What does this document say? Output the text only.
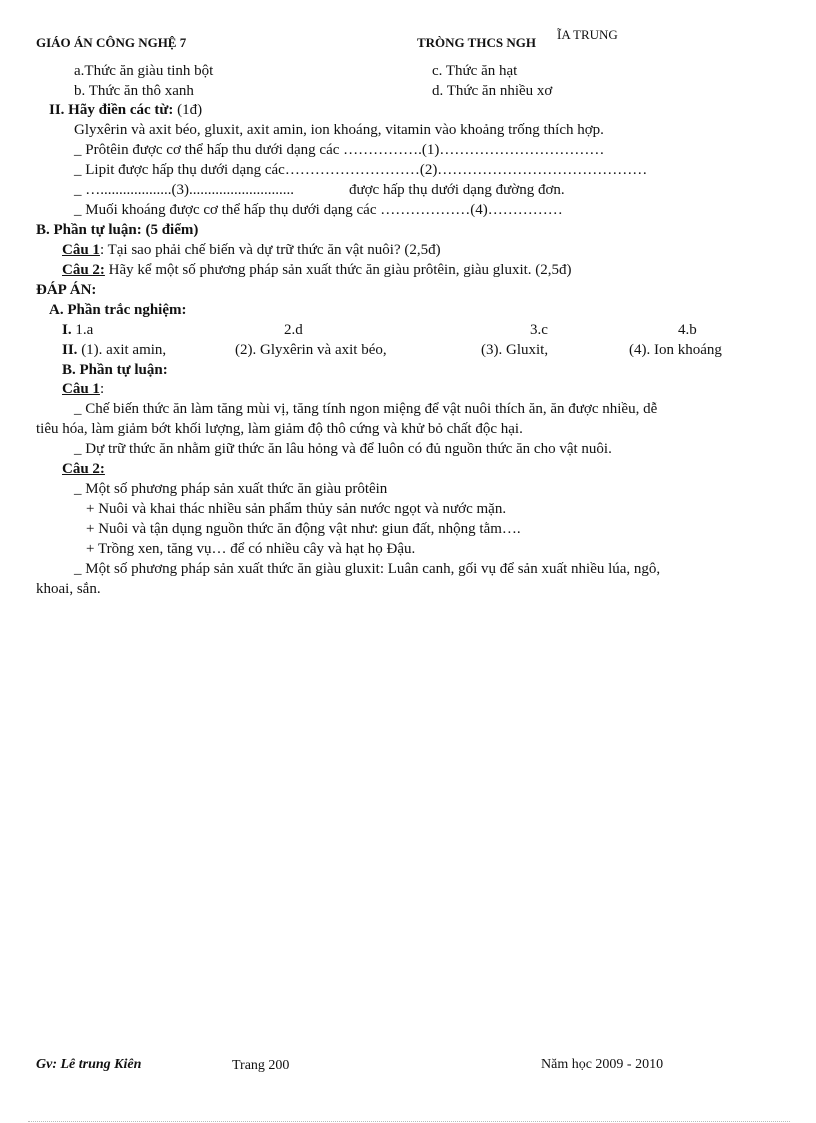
GIÁO ÁN CÔNG NGHỆ 7	TRÒNG THCS NGH
ĨA TRUNG
a.Thức ăn giàu tinh bột	c. Thức ăn hạt
b. Thức ăn thô xanh	d. Thức ăn nhiều xơ
II. Hãy điền các từ: (1đ)
Glyxêrin và axit béo, gluxit, axit amin, ion khoáng, vitamin vào khoảng trống thích hợp.
_ Prôtêin được cơ thể hấp thu dưới dạng các …………….(1)……………………………
_ Lipit được hấp thụ dưới dạng các………………………(2)……………………………………
_ …...................(3)............................	được hấp thụ dưới dạng đường đơn.
_ Muối khoáng được cơ thể hấp thụ dưới dạng các ………………(4)……………
B. Phần tự luận: (5 điểm)
Câu 1: Tại sao phải chế biến và dự trữ thức ăn vật nuôi? (2,5đ)
Câu 2: Hãy kể một số phương pháp sản xuất thức ăn giàu prôtêin, giàu gluxit. (2,5đ)
ĐÁP ÁN:
A. Phần trắc nghiệm:
I. 1.a	2.d	3.c	4.b
II. (1). axit amin,	(2). Glyxêrin và axit béo,	(3). Gluxit,	(4). Ion khoáng
B. Phần tự luận:
Câu 1:
_ Chế biến thức ăn làm tăng mùi vị, tăng tính ngon miệng để vật nuôi thích ăn, ăn được nhiều, dễ
tiêu hóa, làm giảm bớt khối lượng, làm giảm độ thô cứng và khử bỏ chất độc hại.
_ Dự trữ thức ăn nhằm giữ thức ăn lâu hỏng và để luôn có đủ nguồn thức ăn cho vật nuôi.
Câu 2:
_ Một số phương pháp sản xuất thức ăn giàu prôtêin
+ Nuôi và khai thác nhiều sản phẩm thủy sản nước ngọt và nước mặn.
+ Nuôi và tận dụng nguồn thức ăn động vật như: giun đất, nhộng tằm….
+ Trồng xen, tăng vụ… để có nhiều cây và hạt họ Đậu.
_ Một số phương pháp sản xuất thức ăn giàu gluxit: Luân canh, gối vụ để sản xuất nhiều lúa, ngô,
khoai, sắn.
Gv: Lê trung Kiên	Trang 200	Năm học 2009 - 2010
